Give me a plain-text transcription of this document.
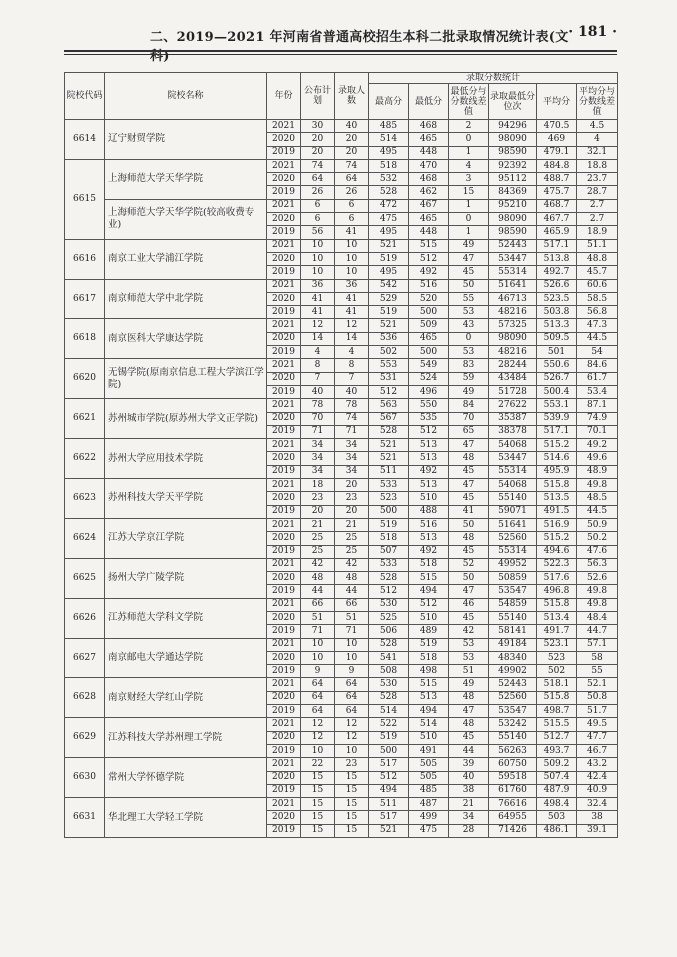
二、2019—2021 年河南省普通高校招生本科二批录取情况统计表(文科)
· 181 ·
院校代码	院校名称	年份	公布计划	录取人数	录取分数统计					
					最高分	最低分	最低分与分数线差值	录取最低分位次	平均分	平均分与分数线差值
6614	辽宁财贸学院	2021	30	40	485	468	2	94296	470.5	4.5
		2020	20	20	514	465	0	98090	469	4
		2019	20	20	495	448	1	98590	479.1	32.1
6615	上海师范大学天华学院	2021	74	74	518	470	4	92392	484.8	18.8
		2020	64	64	532	468	3	95112	488.7	23.7
		2019	26	26	528	462	15	84369	475.7	28.7
	上海师范大学天华学院(较高收费专业)	2021	6	6	472	467	1	95210	468.7	2.7
		2020	6	6	475	465	0	98090	467.7	2.7
		2019	56	41	495	448	1	98590	465.9	18.9
6616	南京工业大学浦江学院	2021	10	10	521	515	49	52443	517.1	51.1
		2020	10	10	519	512	47	53447	513.8	48.8
		2019	10	10	495	492	45	55314	492.7	45.7
6617	南京师范大学中北学院	2021	36	36	542	516	50	51641	526.6	60.6
		2020	41	41	529	520	55	46713	523.5	58.5
		2019	41	41	519	500	53	48216	503.8	56.8
6618	南京医科大学康达学院	2021	12	12	521	509	43	57325	513.3	47.3
		2020	14	14	536	465	0	98090	509.5	44.5
		2019	4	4	502	500	53	48216	501	54
6620	无锡学院(原南京信息工程大学滨江学院)	2021	8	8	553	549	83	28244	550.6	84.6
		2020	7	7	531	524	59	43484	526.7	61.7
		2019	40	40	512	496	49	51728	500.4	53.4
6621	苏州城市学院(原苏州大学文正学院)	2021	78	78	563	550	84	27622	553.1	87.1
		2020	70	74	567	535	70	35387	539.9	74.9
		2019	71	71	528	512	65	38378	517.1	70.1
6622	苏州大学应用技术学院	2021	34	34	521	513	47	54068	515.2	49.2
		2020	34	34	521	513	48	53447	514.6	49.6
		2019	34	34	511	492	45	55314	495.9	48.9
6623	苏州科技大学天平学院	2021	18	20	533	513	47	54068	515.8	49.8
		2020	23	23	523	510	45	55140	513.5	48.5
		2019	20	20	500	488	41	59071	491.5	44.5
6624	江苏大学京江学院	2021	21	21	519	516	50	51641	516.9	50.9
		2020	25	25	518	513	48	52560	515.2	50.2
		2019	25	25	507	492	45	55314	494.6	47.6
6625	扬州大学广陵学院	2021	42	42	533	518	52	49952	522.3	56.3
		2020	48	48	528	515	50	50859	517.6	52.6
		2019	44	44	512	494	47	53547	496.8	49.8
6626	江苏师范大学科文学院	2021	66	66	530	512	46	54859	515.8	49.8
		2020	51	51	525	510	45	55140	513.4	48.4
		2019	71	71	506	489	42	58141	491.7	44.7
6627	南京邮电大学通达学院	2021	10	10	528	519	53	49184	523.1	57.1
		2020	10	10	541	518	53	48340	523	58
		2019	9	9	508	498	51	49902	502	55
6628	南京财经大学红山学院	2021	64	64	530	515	49	52443	518.1	52.1
		2020	64	64	528	513	48	52560	515.8	50.8
		2019	64	64	514	494	47	53547	498.7	51.7
6629	江苏科技大学苏州理工学院	2021	12	12	522	514	48	53242	515.5	49.5
		2020	12	12	519	510	45	55140	512.7	47.7
		2019	10	10	500	491	44	56263	493.7	46.7
6630	常州大学怀德学院	2021	22	23	517	505	39	60750	509.2	43.2
		2020	15	15	512	505	40	59518	507.4	42.4
		2019	15	15	494	485	38	61760	487.9	40.9
6631	华北理工大学轻工学院	2021	15	15	511	487	21	76616	498.4	32.4
		2020	15	15	517	499	34	64955	503	38
		2019	15	15	521	475	28	71426	486.1	39.1
